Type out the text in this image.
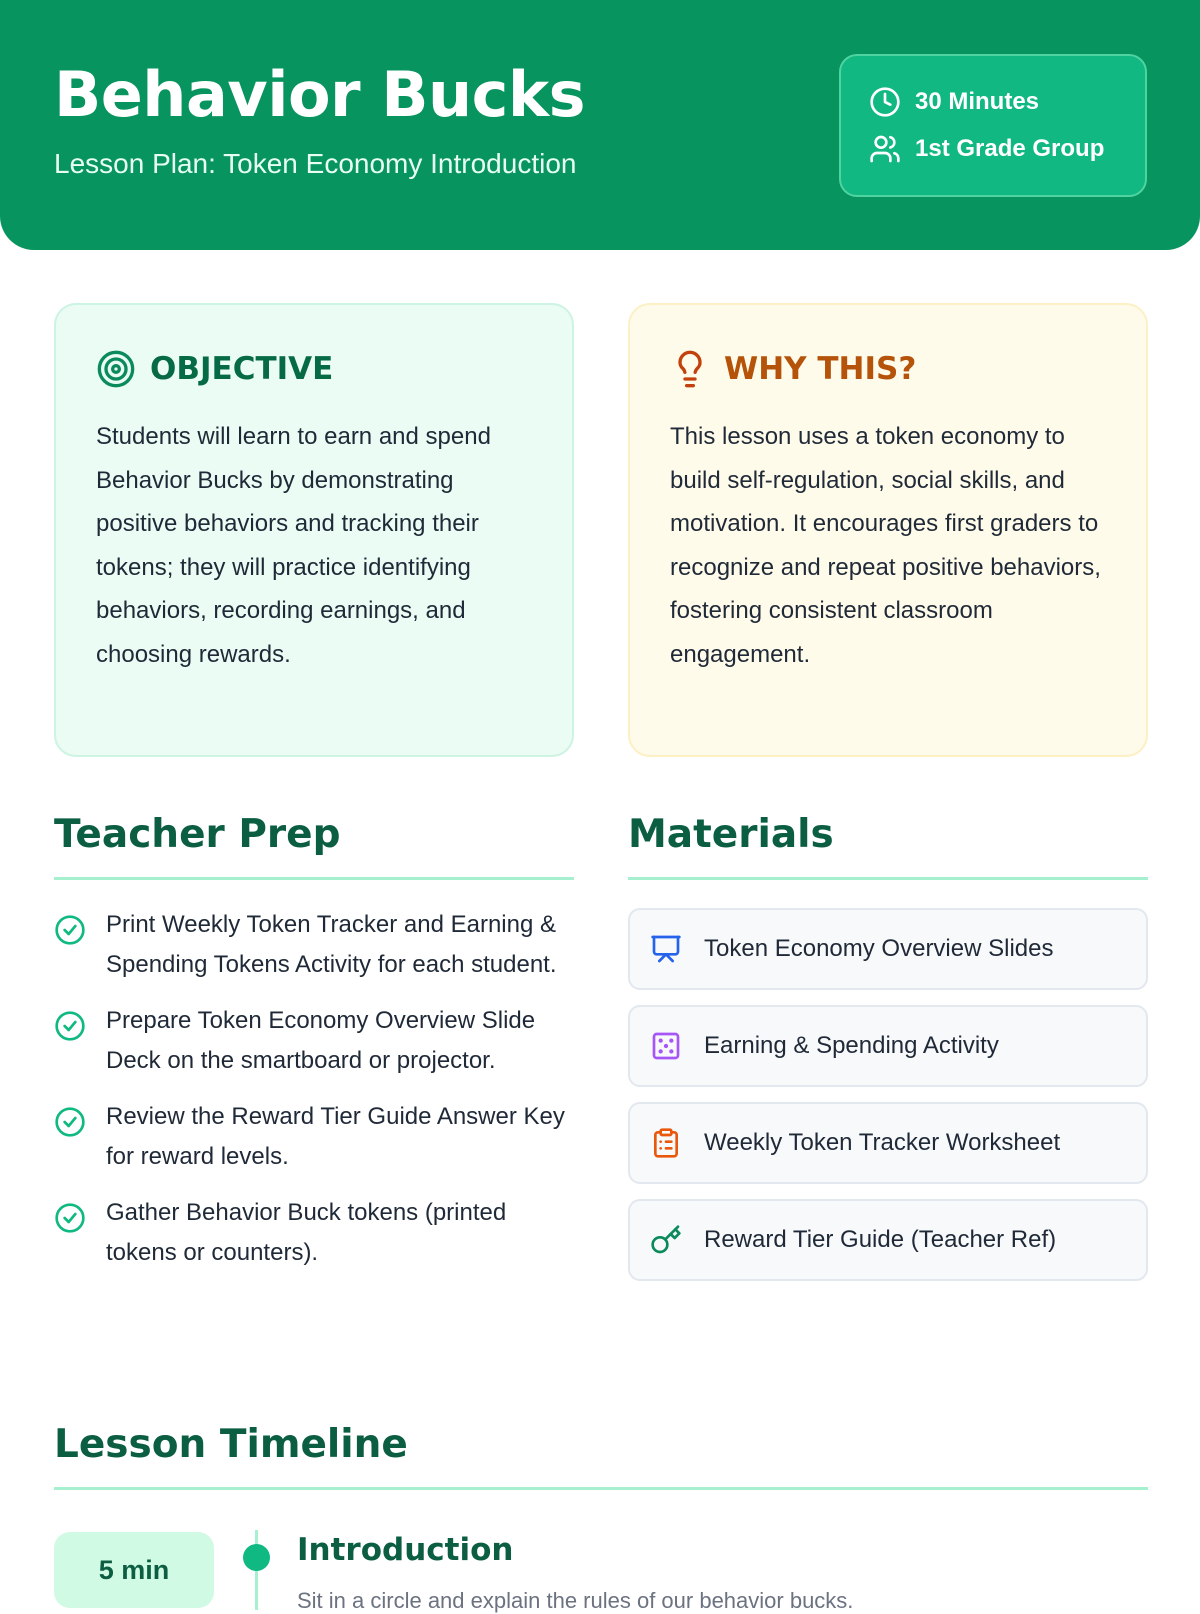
Behavior Bucks
Lesson Plan: Token Economy Introduction
30 Minutes
1st Grade Group
OBJECTIVE
Students will learn to earn and spend Behavior Bucks by demonstrating positive behaviors and tracking their tokens; they will practice identifying behaviors, recording earnings, and choosing rewards.
WHY THIS?
This lesson uses a token economy to build self-regulation, social skills, and motivation. It encourages first graders to recognize and repeat positive behaviors, fostering consistent classroom engagement.
Teacher Prep
Print Weekly Token Tracker and Earning & Spending Tokens Activity for each student.
Prepare Token Economy Overview Slide Deck on the smartboard or projector.
Review the Reward Tier Guide Answer Key for reward levels.
Gather Behavior Buck tokens (printed tokens or counters).
Materials
Token Economy Overview Slides
Earning & Spending Activity
Weekly Token Tracker Worksheet
Reward Tier Guide (Teacher Ref)
Lesson Timeline
5 min
Introduction
Sit in a circle and explain the rules of our behavior bucks.
